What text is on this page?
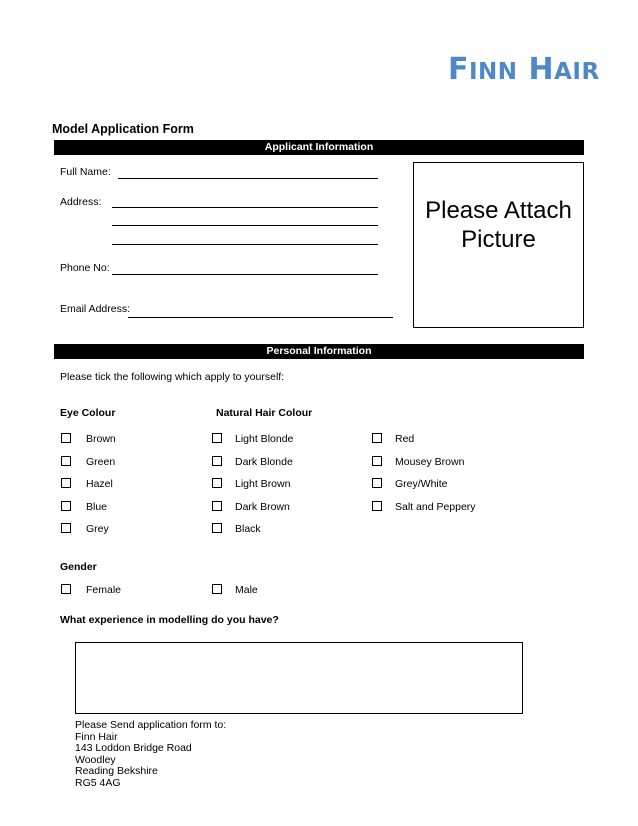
FINN HAIR
Model Application Form
Applicant Information
Full Name:
Address:
Phone No:
Email Address:
Please Attach Picture
Personal Information
Please tick the following which apply to yourself:
Eye Colour	Natural Hair Colour
Brown
Green
Hazel
Blue
Grey
Light Blonde
Dark Blonde
Light Brown
Dark Brown
Black
Red
Mousey Brown
Grey/White
Salt and Peppery
Gender
Female	Male
What experience in modelling do you have?
Please Send application form to:
Finn Hair
143 Loddon Bridge Road
Woodley
Reading Bekshire
RG5 4AG
